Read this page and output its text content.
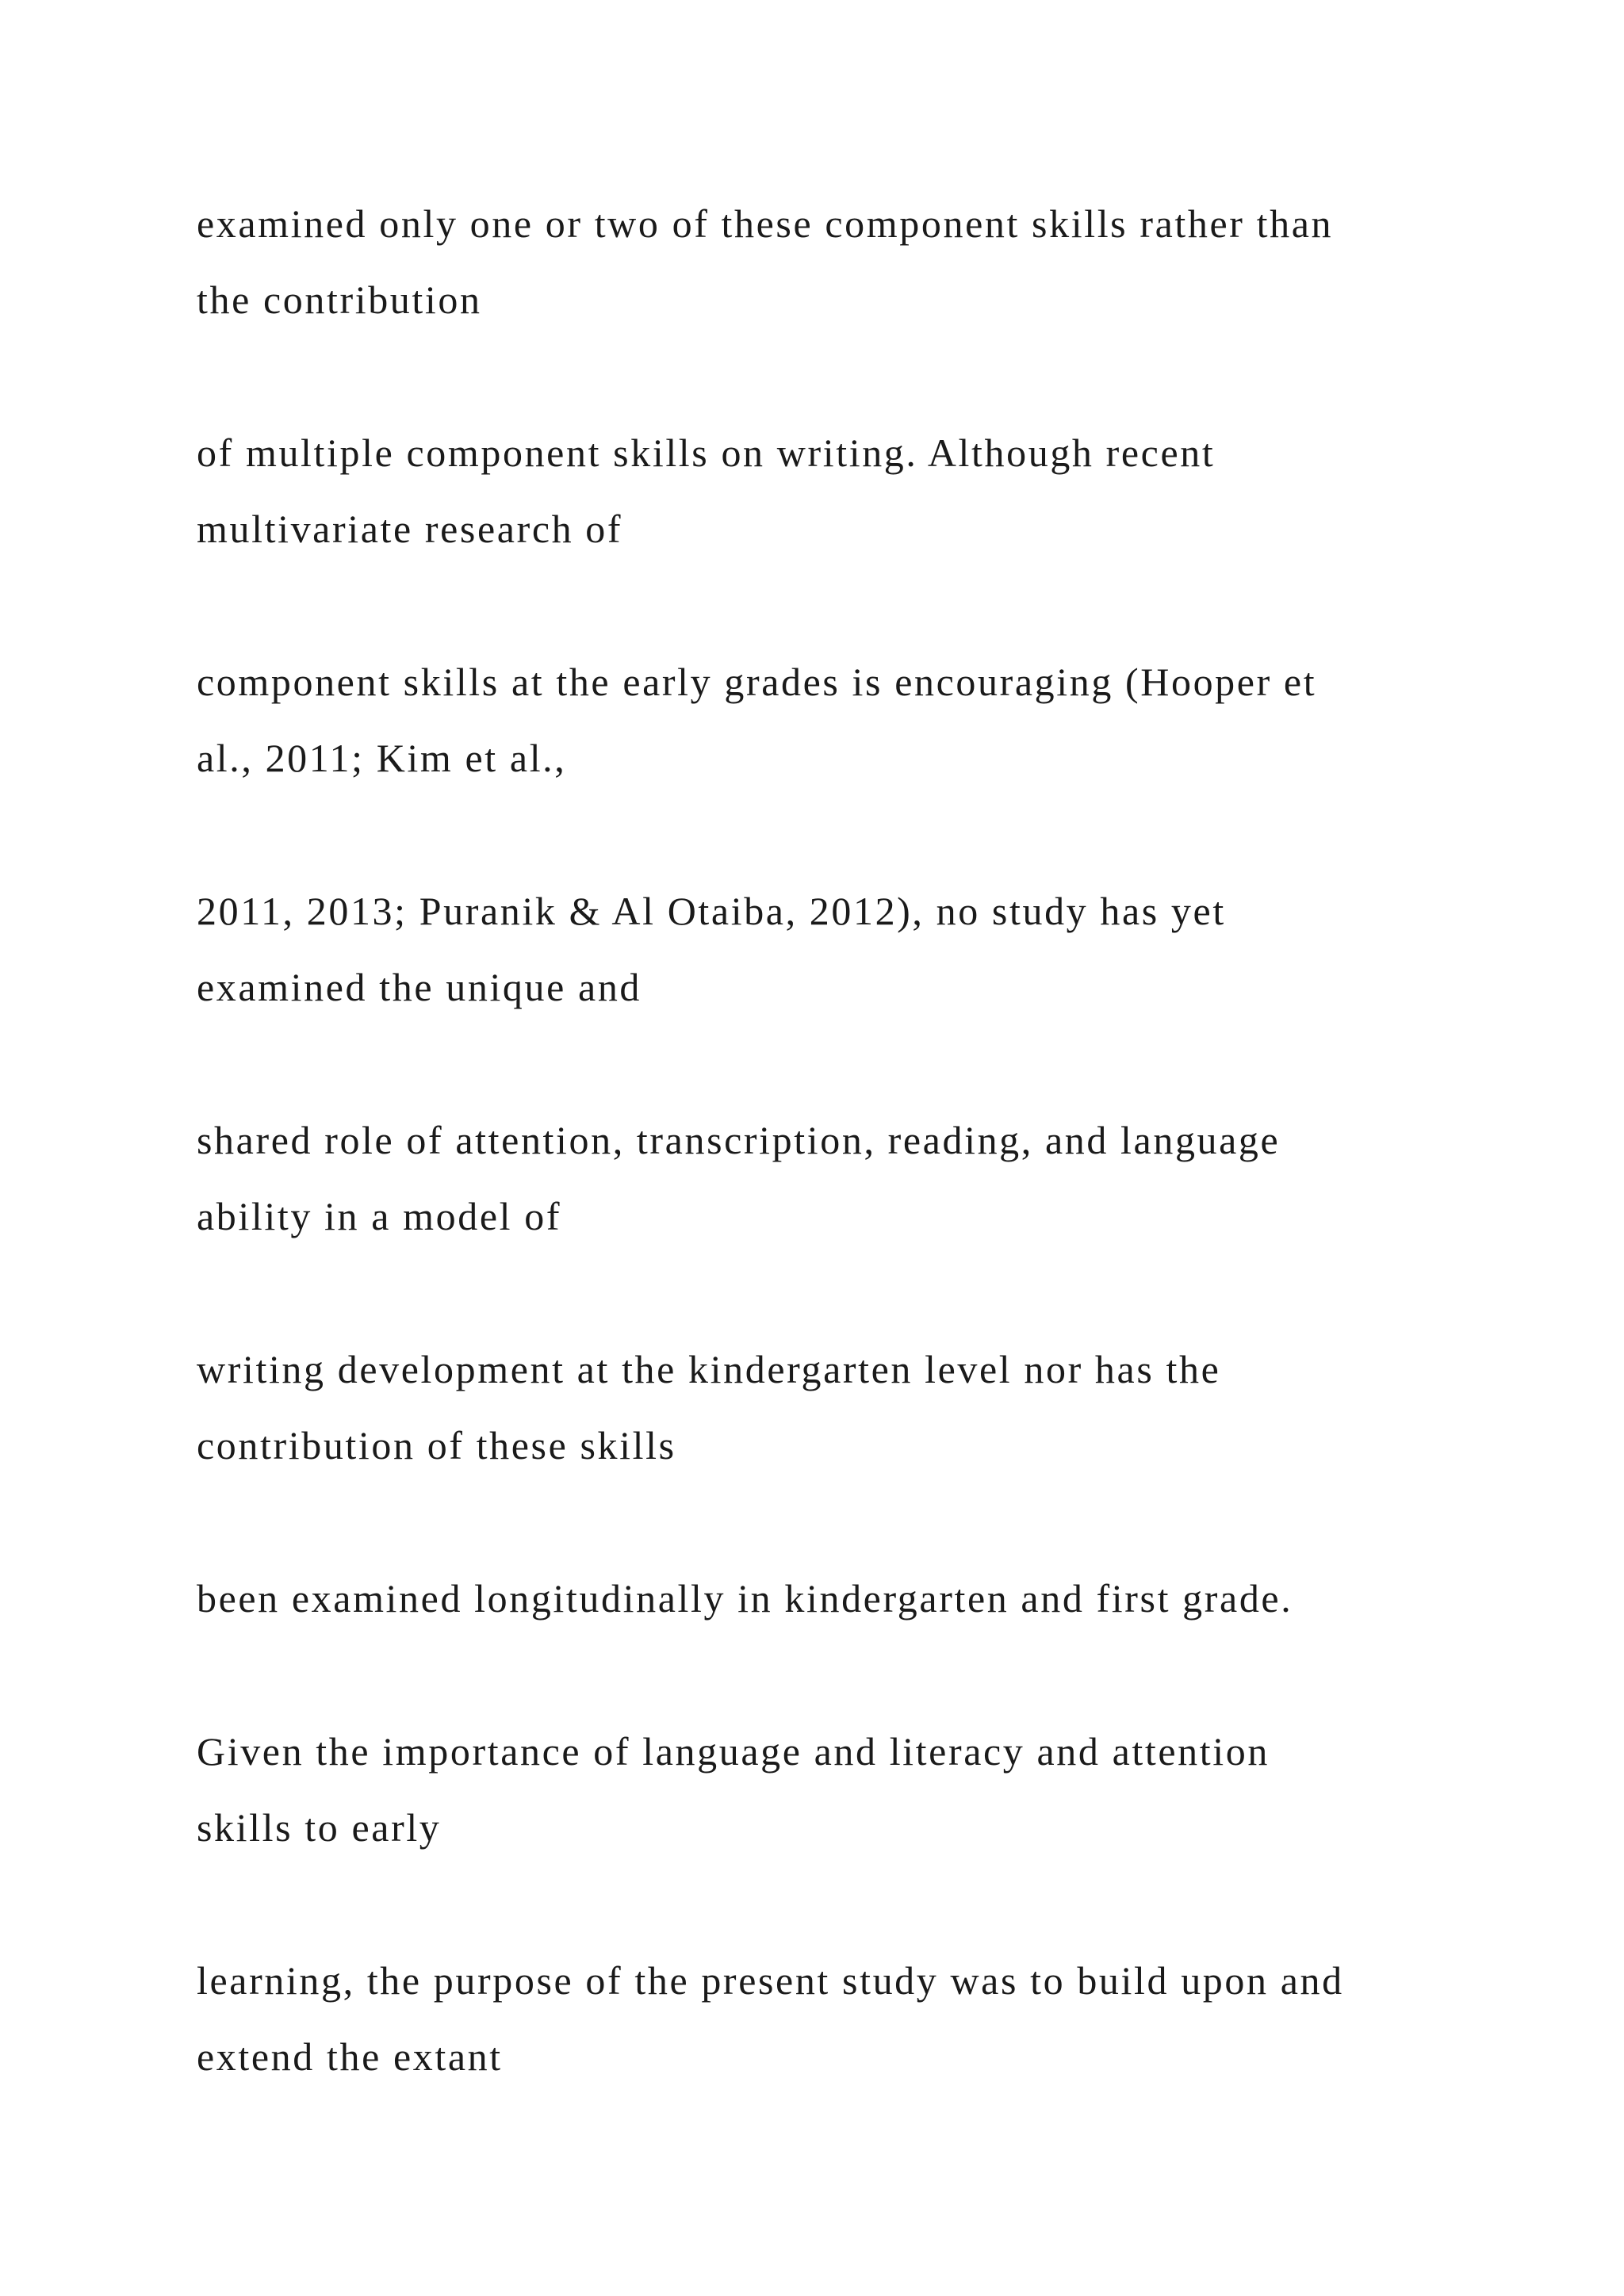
examined only one or two of these component skills rather than
the contribution

of multiple component skills on writing. Although recent
multivariate research of

component skills at the early grades is encouraging (Hooper et
al., 2011; Kim et al.,

2011, 2013; Puranik & Al Otaiba, 2012), no study has yet
examined the unique and

shared role of attention, transcription, reading, and language
ability in a model of

writing development at the kindergarten level nor has the
contribution of these skills

been examined longitudinally in kindergarten and first grade.

Given the importance of language and literacy and attention
skills to early

learning, the purpose of the present study was to build upon and
extend the extant
